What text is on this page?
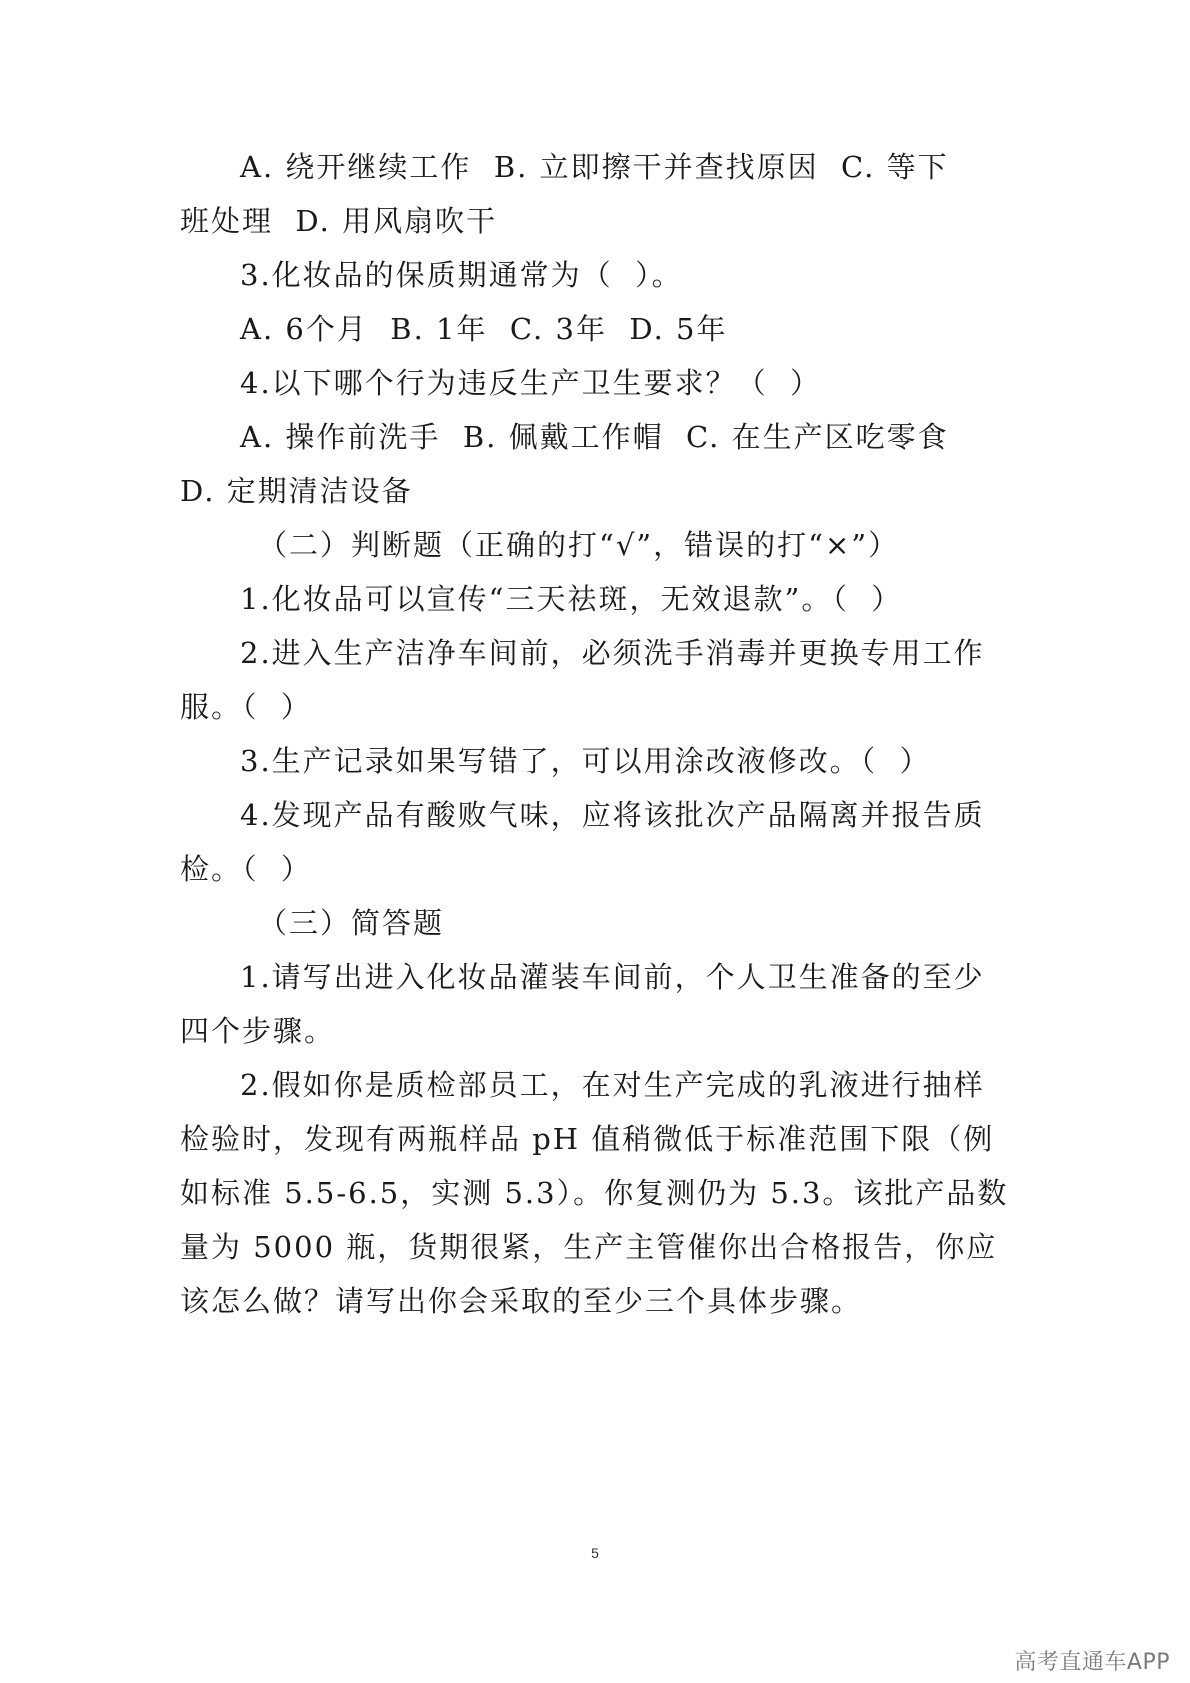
A. 绕开继续工作  B. 立即擦干并查找原因  C. 等下
班处理  D. 用风扇吹干
3.化妆品的保质期通常为（  ）。
A. 6个月  B. 1年  C. 3年  D. 5年
4.以下哪个行为违反生产卫生要求？（  ）
A. 操作前洗手  B. 佩戴工作帽  C. 在生产区吃零食
D. 定期清洁设备
（二）判断题（正确的打“√”，错误的打“×”）
1.化妆品可以宣传“三天祛斑，无效退款”。（  ）
2.进入生产洁净车间前，必须洗手消毒并更换专用工作
服。（  ）
3.生产记录如果写错了，可以用涂改液修改。（  ）
4.发现产品有酸败气味，应将该批次产品隔离并报告质
检。（  ）
（三）简答题
1.请写出进入化妆品灌装车间前，个人卫生准备的至少
四个步骤。
2.假如你是质检部员工，在对生产完成的乳液进行抽样
检验时，发现有两瓶样品 pH 值稍微低于标准范围下限（例
如标准 5.5-6.5，实测 5.3）。你复测仍为 5.3。该批产品数
量为 5000 瓶，货期很紧，生产主管催你出合格报告，你应
该怎么做？请写出你会采取的至少三个具体步骤。
5
高考直通车APP
